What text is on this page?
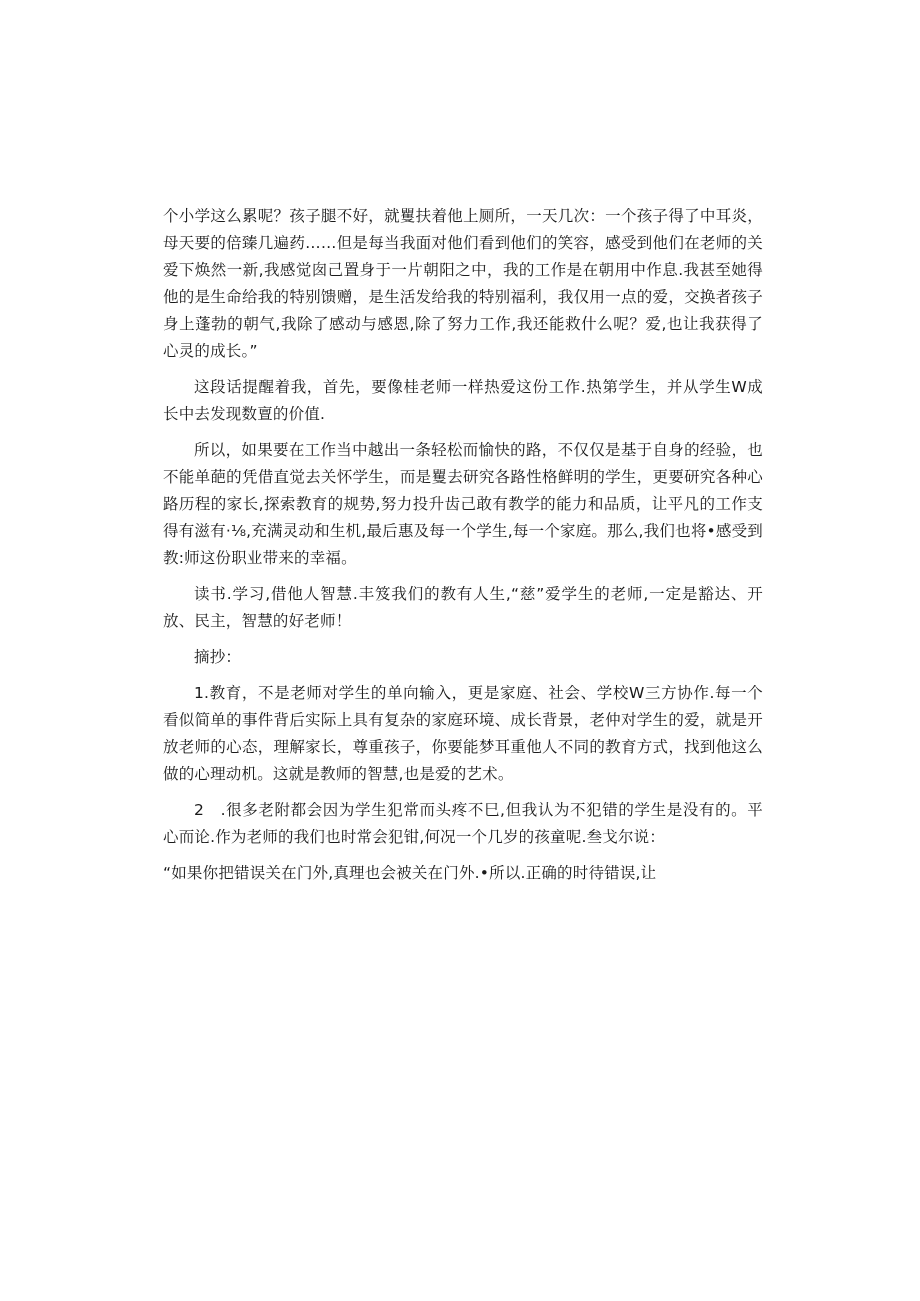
个小学这么累呢？孩子腿不好，就矍扶着他上厕所，一天几次：一个孩子得了中耳炎，母天要的倍臻几遍药……但是每当我面对他们看到他们的笑容，感受到他们在老师的关爱下焕然一新,我感觉囱己置身于一片朝阳之中，我的工作是在朝用中作息.我甚至她得他的是生命给我的特别馈赠，是生活发给我的特别福利，我仅用一点的爱，交换者孩子身上蓬勃的朝气,我除了感动与感恩,除了努力工作,我还能救什么呢？爱,也让我获得了心灵的成长。”

这段话提醒着我，首先，要像桂老师一样热爱这份工作.热第学生，并从学生W成长中去发现数亶的价值.

所以，如果要在工作当中越出一条轻松而愉快的路，不仅仅是基于自身的经验，也不能单葩的凭借直觉去关怀学生，而是矍去研究各路性格鲜明的学生，更要研究各种心路历程的家长,探索教育的规势,努力投升齿己敢有教学的能力和品质，让平凡的工作支得有滋有·⅛,充满灵动和生机,最后惠及每一个学生,每一个家庭。那么,我们也将•感受到教:师这份职业带来的幸福。

读书.学习,借他人智慧.丰笈我们的教有人生,“慈”爱学生的老师,一定是豁达、开放、民主，智慧的好老师！

摘抄：

1.教育，不是老师对学生的单向输入，更是家庭、社会、学校W三方协作.每一个看似简单的事件背后实际上具有复杂的家庭环境、成长背景，老仲对学生的爱，就是开放老师的心态，理解家长，尊重孩子，你要能梦耳重他人不同的教育方式，找到他这么做的心理动机。这就是教师的智慧,也是爱的艺术。

2　.很多老附都会因为学生犯常而头疼不巳,但我认为不犯错的学生是没有的。平心而论.作为老师的我们也时常会犯钳,何况一个几岁的孩童呢.叁戈尔说：

“如果你把错误关在门外,真理也会被关在门外.•所以.正确的时待错误,让
